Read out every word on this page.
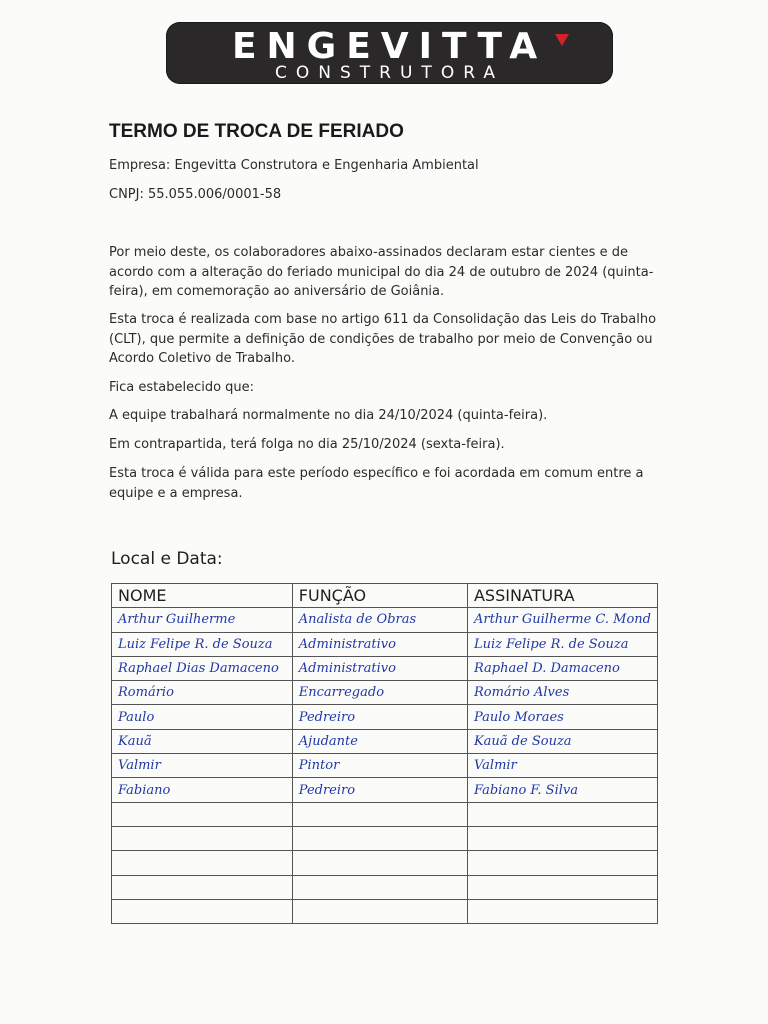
ENGEVITTA
CONSTRUTORA
TERMO DE TROCA DE FERIADO
Empresa: Engevitta Construtora e Engenharia Ambiental
CNPJ: 55.055.006/0001-58
Por meio deste, os colaboradores abaixo-assinados declaram estar cientes e de acordo com a alteração do feriado municipal do dia 24 de outubro de 2024 (quinta-feira), em comemoração ao aniversário de Goiânia.
Esta troca é realizada com base no artigo 611 da Consolidação das Leis do Trabalho (CLT), que permite a definição de condições de trabalho por meio de Convenção ou Acordo Coletivo de Trabalho.
Fica estabelecido que:
A equipe trabalhará normalmente no dia 24/10/2024 (quinta-feira).
Em contrapartida, terá folga no dia 25/10/2024 (sexta-feira).
Esta troca é válida para este período específico e foi acordada em comum entre a equipe e a empresa.
Local e Data:
NOME	FUNÇÃO	ASSINATURA
Arthur Guilherme	Analista de Obras	Arthur Guilherme C. Mond
Luiz Felipe R. de Souza	Administrativo	Luiz Felipe R. de Souza
Raphael Dias Damaceno	Administrativo	Raphael D. Damaceno
Romário	Encarregado	Romário Alves
Paulo	Pedreiro	Paulo Moraes
Kauã	Ajudante	Kauã de Souza
Valmir	Pintor	Valmir
Fabiano	Pedreiro	Fabiano F. Silva
